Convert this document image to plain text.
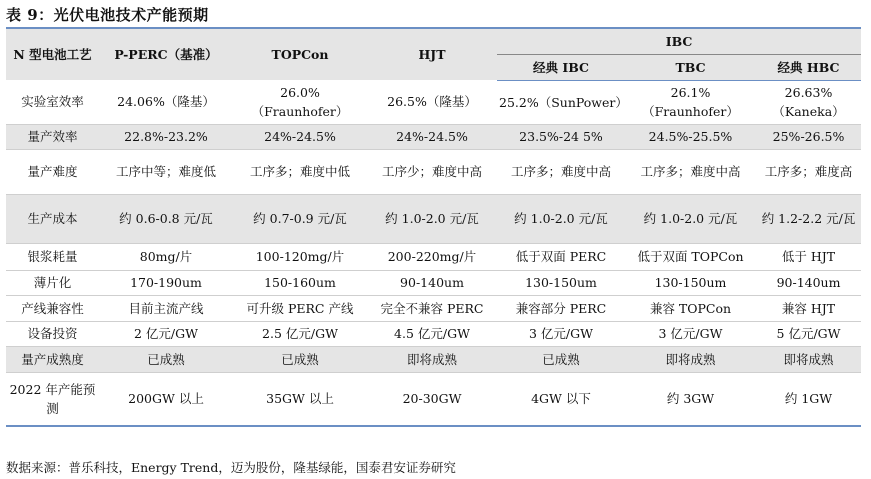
表 9：光伏电池技术产能预期
N 型电池工艺	P-PERC（基准）	TOPCon	HJT	IBC		
				经典 IBC	TBC	经典 HBC
实验室效率	24.06%（隆基）	26.0%（Fraunhofer）	26.5%（隆基）	25.2%（SunPower）	26.1%（Fraunhofer）	26.63%（Kaneka）
量产效率	22.8%-23.2%	24%-24.5%	24%-24.5%	23.5%-24 5%	24.5%-25.5%	25%-26.5%
量产难度	工序中等；难度低	工序多；难度中低	工序少；难度中高	工序多；难度中高	工序多；难度中高	工序多；难度高
生产成本	约 0.6-0.8 元/瓦	约 0.7-0.9 元/瓦	约 1.0-2.0 元/瓦	约 1.0-2.0 元/瓦	约 1.0-2.0 元/瓦	约 1.2-2.2 元/瓦
银浆耗量	80mg/片	100-120mg/片	200-220mg/片	低于双面 PERC	低于双面 TOPCon	低于 HJT
薄片化	170-190um	150-160um	90-140um	130-150um	130-150um	90-140um
产线兼容性	目前主流产线	可升级 PERC 产线	完全不兼容 PERC	兼容部分 PERC	兼容 TOPCon	兼容 HJT
设备投资	2 亿元/GW	2.5 亿元/GW	4.5 亿元/GW	3 亿元/GW	3 亿元/GW	5 亿元/GW
量产成熟度	已成熟	已成熟	即将成熟	已成熟	即将成熟	即将成熟
2022 年产能预测	200GW 以上	35GW 以上	20-30GW	4GW 以下	约 3GW	约 1GW
数据来源：普乐科技，Energy Trend，迈为股份，隆基绿能，国泰君安证券研究
